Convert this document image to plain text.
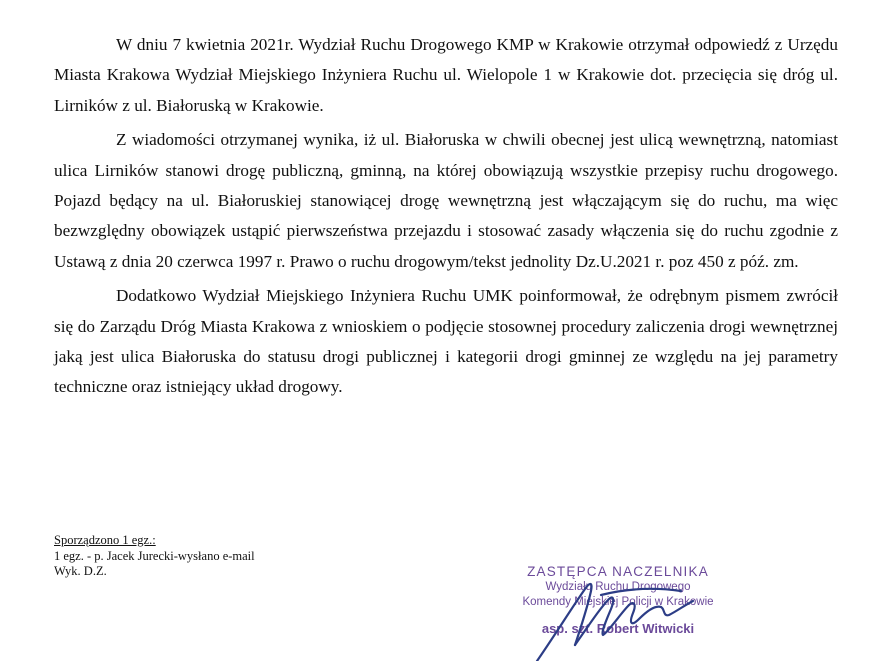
W dniu 7 kwietnia 2021r. Wydział Ruchu Drogowego KMP w Krakowie otrzymał odpowiedź z Urzędu Miasta Krakowa Wydział Miejskiego Inżyniera Ruchu ul. Wielopole 1 w Krakowie dot. przecięcia się dróg ul. Lirników z ul. Białoruską w Krakowie.

Z wiadomości otrzymanej wynika, iż ul. Białoruska w chwili obecnej jest ulicą wewnętrzną, natomiast ulica Lirników stanowi drogę publiczną, gminną, na której obowiązują wszystkie przepisy ruchu drogowego. Pojazd będący na ul. Białoruskiej stanowiącej drogę wewnętrzną jest włączającym się do ruchu, ma więc bezwzględny obowiązek ustąpić pierwszeństwa przejazdu i stosować zasady włączenia się do ruchu zgodnie z Ustawą z dnia 20 czerwca 1997 r. Prawo o ruchu drogowym/tekst jednolity Dz.U.2021 r. poz 450 z póź. zm.

Dodatkowo Wydział Miejskiego Inżyniera Ruchu UMK poinformował, że odrębnym pismem zwrócił się do Zarządu Dróg Miasta Krakowa z wnioskiem o podjęcie stosownej procedury zaliczenia drogi wewnętrznej jaką jest ulica Białoruska do statusu drogi publicznej i kategorii drogi gminnej ze względu na jej parametry techniczne oraz istniejący układ drogowy.

Sporządzono 1 egz.:
1 egz. - p. Jacek Jurecki-wysłano e-mail
Wyk. D.Z.	ZASTĘPCA NACZELNIKA
Wydziału Ruchu Drogowego
Komendy Miejskiej Policji w Krakowie
asp. szt. Robert Witwicki
